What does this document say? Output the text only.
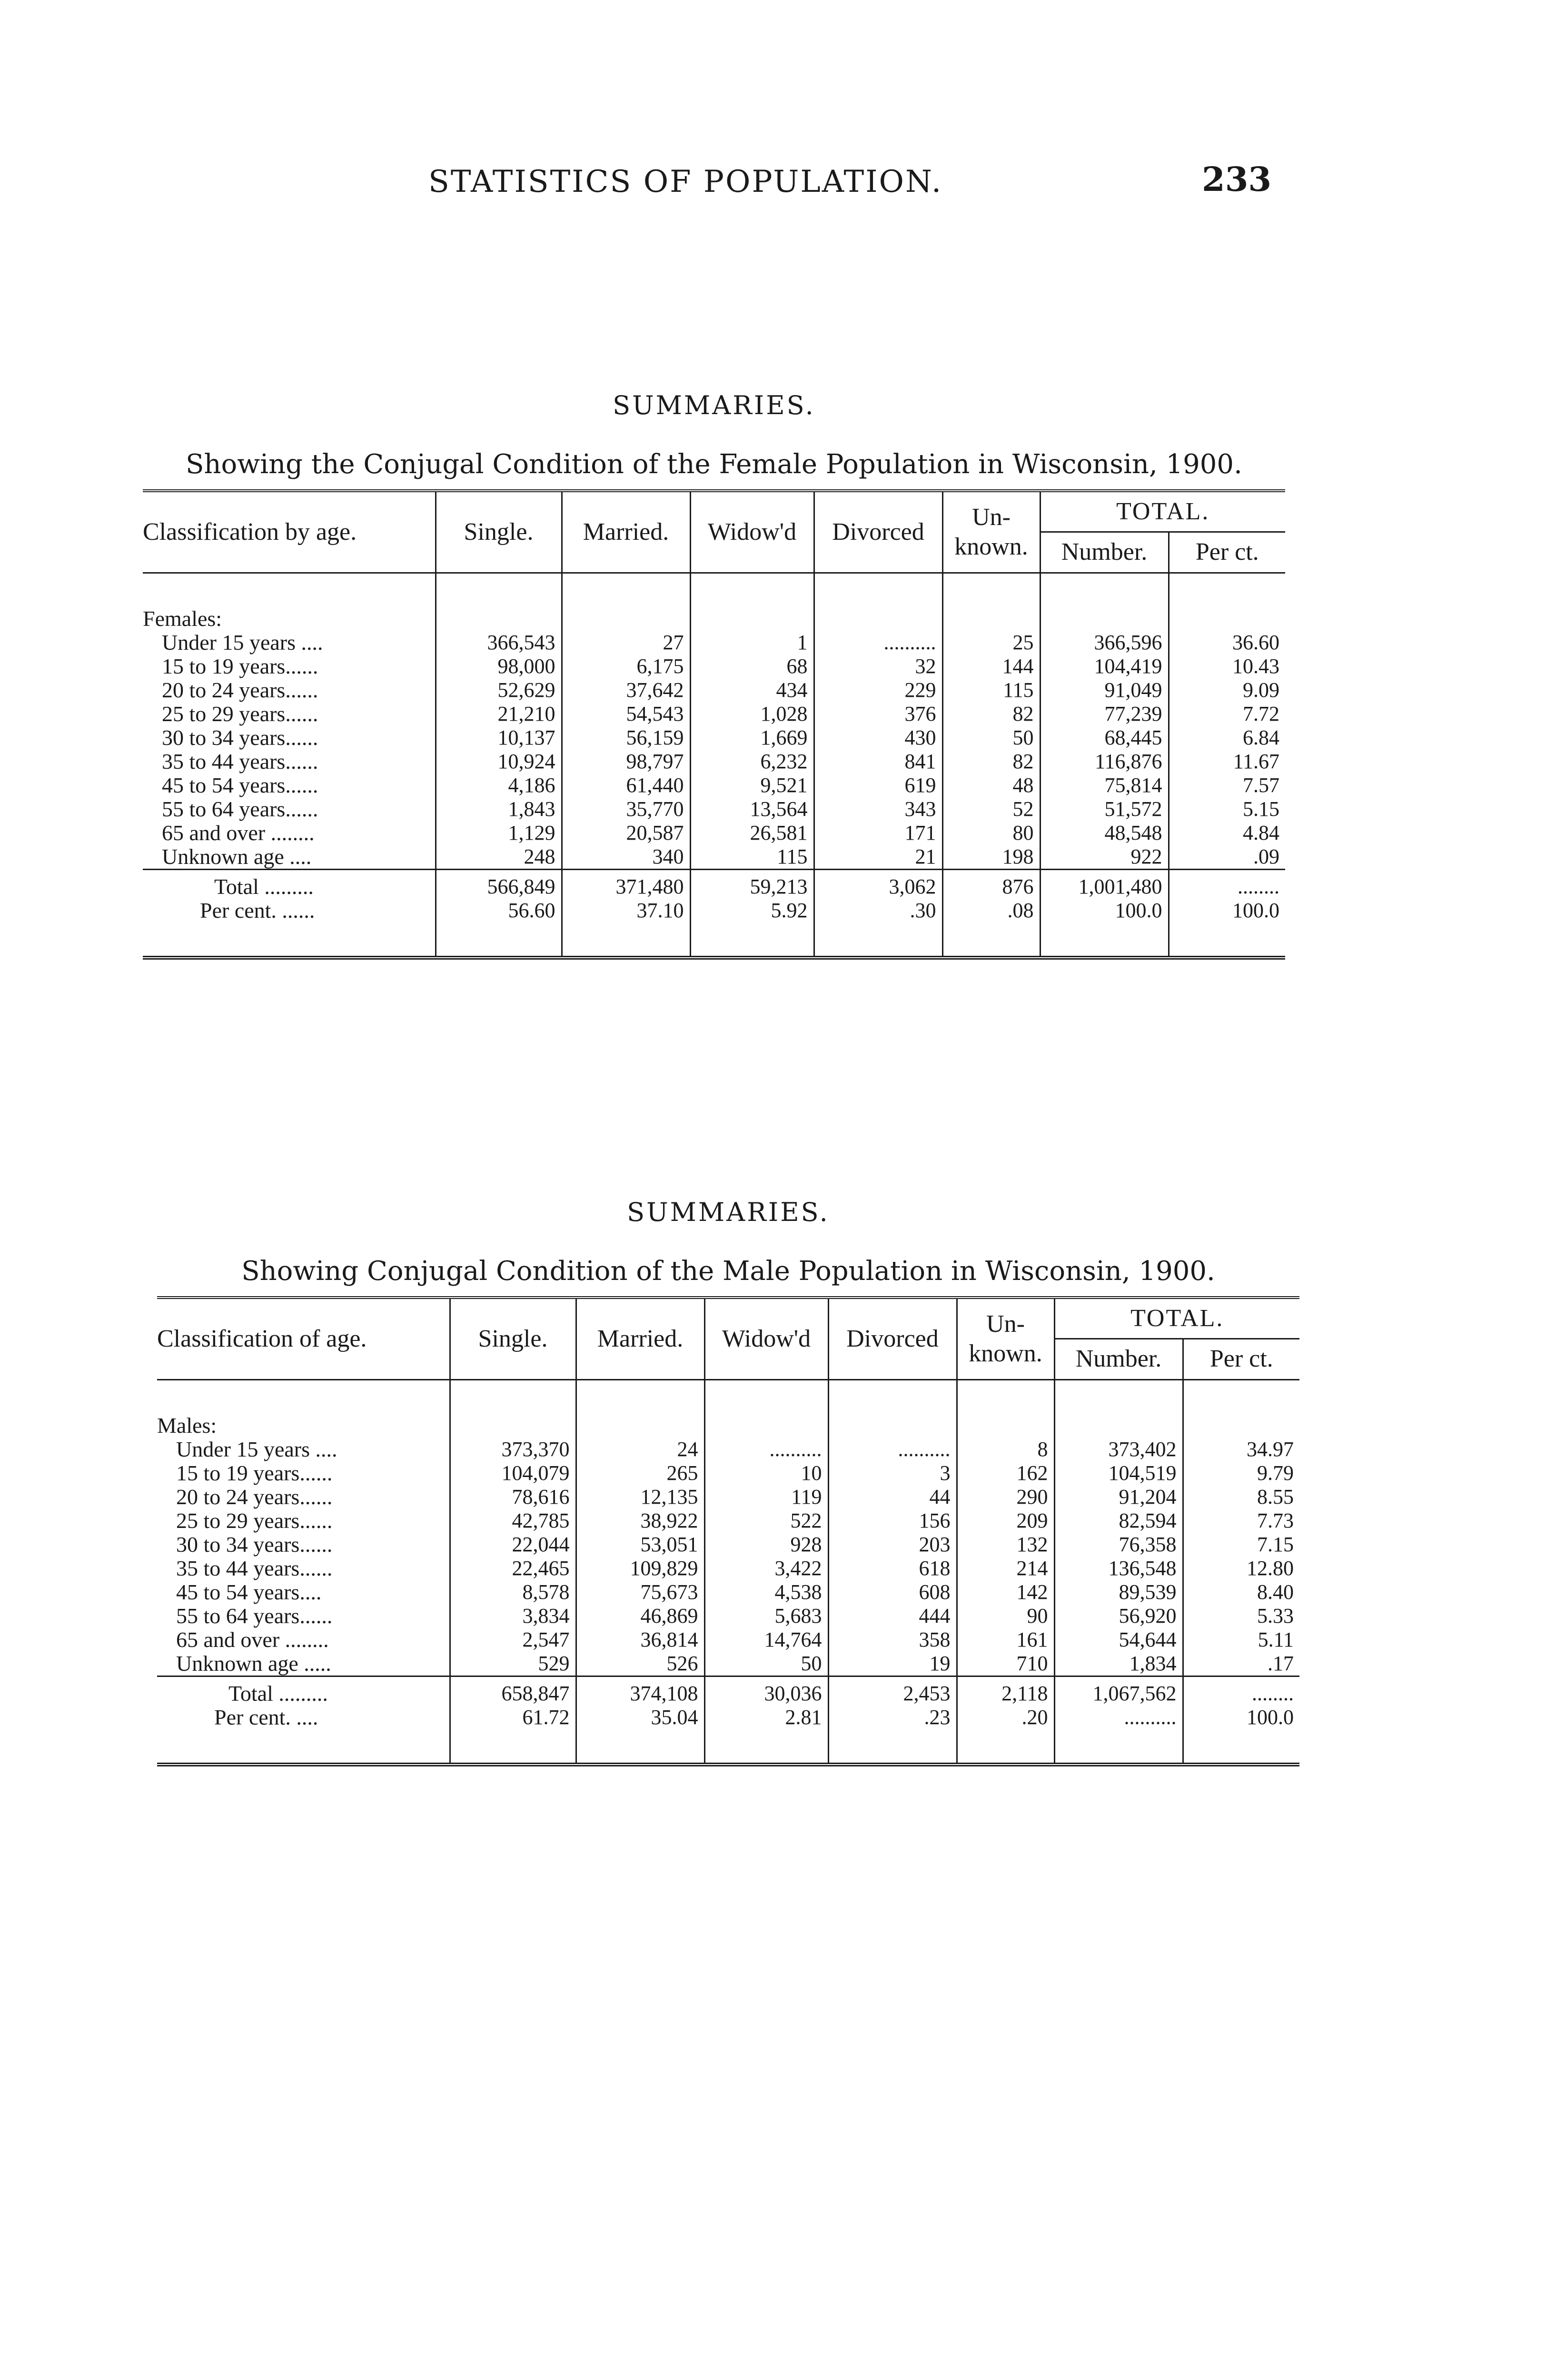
STATISTICS OF POPULATION.	233
SUMMARIES.
Showing the Conjugal Condition of the Female Population in Wisconsin, 1900.
Classification by age.	Single.	Married.	Widow'd	Divorced	Un-known.	TOTAL.	
						Number.	Per ct.

Females:							
Under 15 years ....	366,543	27	1	..........	25	366,596	36.60
15 to 19 years......	98,000	6,175	68	32	144	104,419	10.43
20 to 24 years......	52,629	37,642	434	229	115	91,049	9.09
25 to 29 years......	21,210	54,543	1,028	376	82	77,239	7.72
30 to 34 years......	10,137	56,159	1,669	430	50	68,445	6.84
35 to 44 years......	10,924	98,797	6,232	841	82	116,876	11.67
45 to 54 years......	4,186	61,440	9,521	619	48	75,814	7.57
55 to 64 years......	1,843	35,770	13,564	343	52	51,572	5.15
65 and over ........	1,129	20,587	26,581	171	80	48,548	4.84
Unknown age ....	248	340	115	21	198	922	.09
Total .........	566,849	371,480	59,213	3,062	876	1,001,480	........
Per cent. ......	56.60	37.10	5.92	.30	.08	100.0	100.0

SUMMARIES.
Showing Conjugal Condition of the Male Population in Wisconsin, 1900.
Classification of age.	Single.	Married.	Widow'd	Divorced	Un-known.	TOTAL.	
						Number.	Per ct.

Males:							
Under 15 years ....	373,370	24	..........	..........	8	373,402	34.97
15 to 19 years......	104,079	265	10	3	162	104,519	9.79
20 to 24 years......	78,616	12,135	119	44	290	91,204	8.55
25 to 29 years......	42,785	38,922	522	156	209	82,594	7.73
30 to 34 years......	22,044	53,051	928	203	132	76,358	7.15
35 to 44 years......	22,465	109,829	3,422	618	214	136,548	12.80
45 to 54 years....	8,578	75,673	4,538	608	142	89,539	8.40
55 to 64 years......	3,834	46,869	5,683	444	90	56,920	5.33
65 and over ........	2,547	36,814	14,764	358	161	54,644	5.11
Unknown age .....	529	526	50	19	710	1,834	.17
Total .........	658,847	374,108	30,036	2,453	2,118	1,067,562	........
Per cent. ....	61.72	35.04	2.81	.23	.20	..........	100.0
